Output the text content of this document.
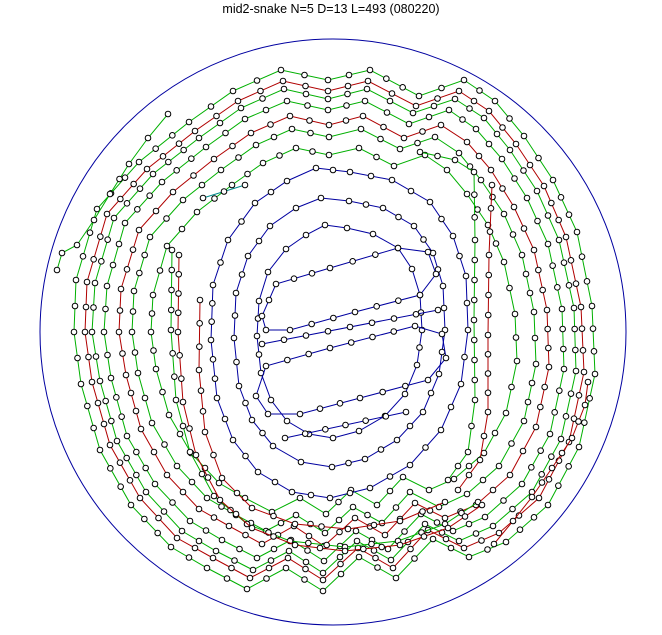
mid2-snake N=5 D=13 L=493 (080220)
